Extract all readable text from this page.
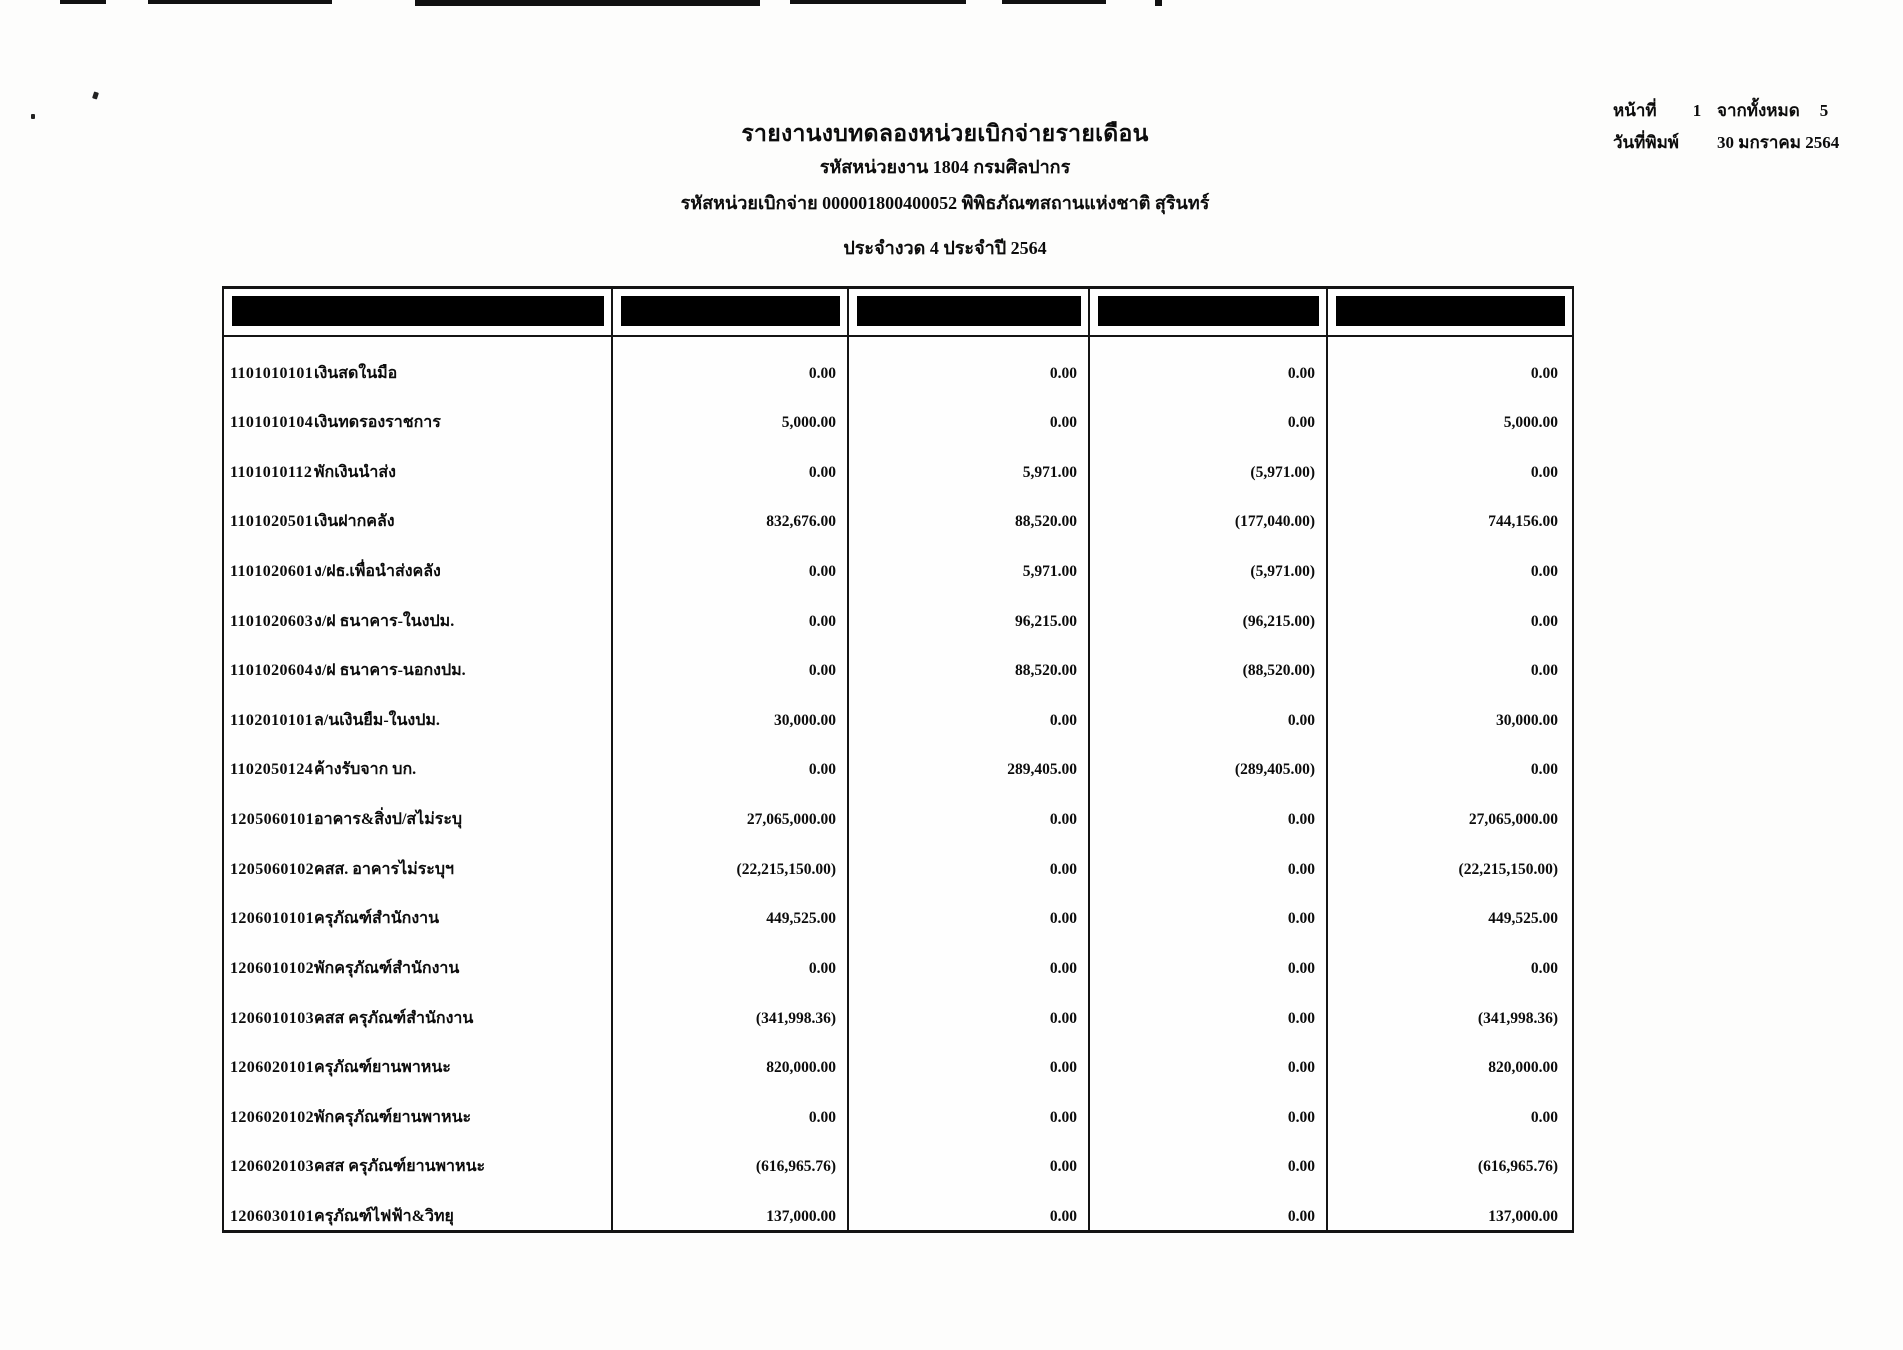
รายงานงบทดลองหน่วยเบิกจ่ายรายเดือน
รหัสหน่วยงาน 1804 กรมศิลปากร
รหัสหน่วยเบิกจ่าย 000001800400052 พิพิธภัณฑสถานแห่งชาติ สุรินทร์
ประจำงวด 4 ประจำปี 2564
หน้าที่	1 จากทั้งหมด	5
วันที่พิมพ์	30 มกราคม 2564
1101010101 เงินสดในมือ	0.00	0.00	0.00	0.00
1101010104 เงินทดรองราชการ	5,000.00	0.00	0.00	5,000.00
1101010112 พักเงินนำส่ง	0.00	5,971.00	(5,971.00)	0.00
1101020501 เงินฝากคลัง	832,676.00	88,520.00	(177,040.00)	744,156.00
1101020601 ง/ฝธ.เพื่อนำส่งคลัง	0.00	5,971.00	(5,971.00)	0.00
1101020603 ง/ฝ ธนาคาร-ในงปม.	0.00	96,215.00	(96,215.00)	0.00
1101020604 ง/ฝ ธนาคาร-นอกงปม.	0.00	88,520.00	(88,520.00)	0.00
1102010101 ล/นเงินยืม-ในงปม.	30,000.00	0.00	0.00	30,000.00
1102050124 ค้างรับจาก บก.	0.00	289,405.00	(289,405.00)	0.00
1205060101 อาคาร&สิ่งป/สไม่ระบุ	27,065,000.00	0.00	0.00	27,065,000.00
1205060102 คสส. อาคารไม่ระบุฯ	(22,215,150.00)	0.00	0.00	(22,215,150.00)
1206010101 ครุภัณฑ์สำนักงาน	449,525.00	0.00	0.00	449,525.00
1206010102 พักครุภัณฑ์สำนักงาน	0.00	0.00	0.00	0.00
1206010103 คสส ครุภัณฑ์สำนักงาน	(341,998.36)	0.00	0.00	(341,998.36)
1206020101 ครุภัณฑ์ยานพาหนะ	820,000.00	0.00	0.00	820,000.00
1206020102 พักครุภัณฑ์ยานพาหนะ	0.00	0.00	0.00	0.00
1206020103 คสส ครุภัณฑ์ยานพาหนะ	(616,965.76)	0.00	0.00	(616,965.76)
1206030101 ครุภัณฑ์ไฟฟ้า&วิทยุ	137,000.00	0.00	0.00	137,000.00
